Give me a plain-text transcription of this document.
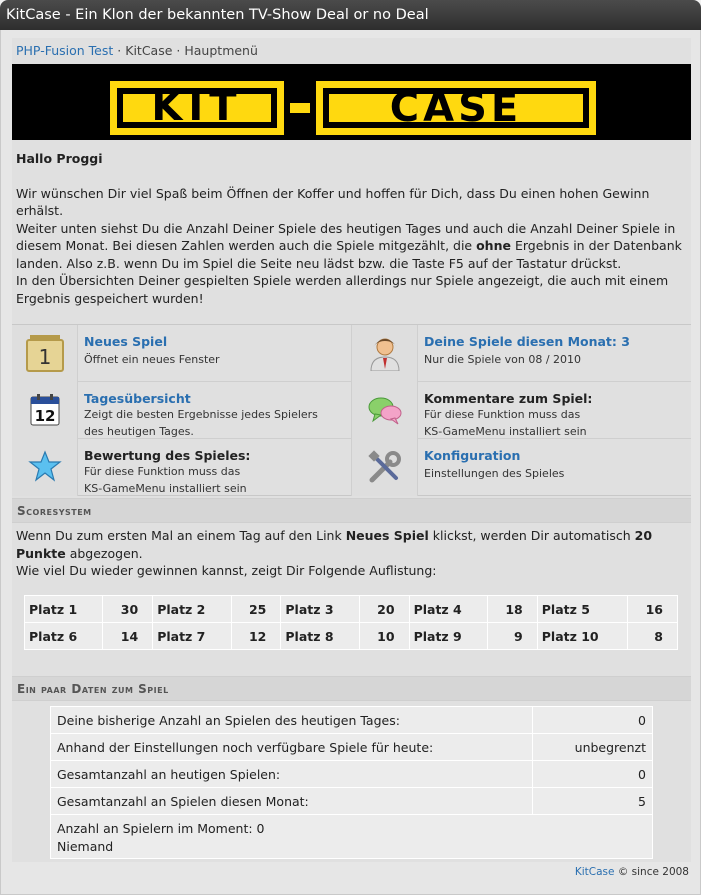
KitCase - Ein Klon der bekannten TV-Show Deal or no Deal
PHP-Fusion Test · KitCase · Hauptmenü
KIT	CASE
Hallo Proggi
Wir wünschen Dir viel Spaß beim Öffnen der Koffer und hoffen für Dich, dass Du einen hohen Gewinn erhälst.
Weiter unten siehst Du die Anzahl Deiner Spiele des heutigen Tages und auch die Anzahl Deiner Spiele in diesem Monat. Bei diesen Zahlen werden auch die Spiele mitgezählt, die ohne Ergebnis in der Datenbank landen. Also z.B. wenn Du im Spiel die Seite neu lädst bzw. die Taste F5 auf der Tastatur drückst.
In den Übersichten Deiner gespielten Spiele werden allerdings nur Spiele angezeigt, die auch mit einem Ergebnis gespeichert wurden!
1
Neues Spiel
Öffnet ein neues Fenster
Deine Spiele diesen Monat: 3
Nur die Spiele von 08 / 2010
12
Tagesübersicht
Zeigt die besten Ergebnisse jedes Spielers
des heutigen Tages.
Kommentare zum Spiel:
Für diese Funktion muss das
KS-GameMenu installiert sein
Bewertung des Spieles:
Für diese Funktion muss das
KS-GameMenu installiert sein
Konfiguration
Einstellungen des Spieles
Scoresystem
Wenn Du zum ersten Mal an einem Tag auf den Link Neues Spiel klickst, werden Dir automatisch 20 Punkte abgezogen.
Wie viel Du wieder gewinnen kannst, zeigt Dir Folgende Auflistung:
Platz 1	30	Platz 2	25	Platz 3	20	Platz 4	18	Platz 5	16
Platz 6	14	Platz 7	12	Platz 8	10	Platz 9	9	Platz 10	8
Ein paar Daten zum Spiel
Deine bisherige Anzahl an Spielen des heutigen Tages:	0
Anhand der Einstellungen noch verfügbare Spiele für heute:	unbegrenzt
Gesamtanzahl an heutigen Spielen:	0
Gesamtanzahl an Spielen diesen Monat:	5

Anzahl an Spielern im Moment: 0
Niemand	
KitCase © since 2008
